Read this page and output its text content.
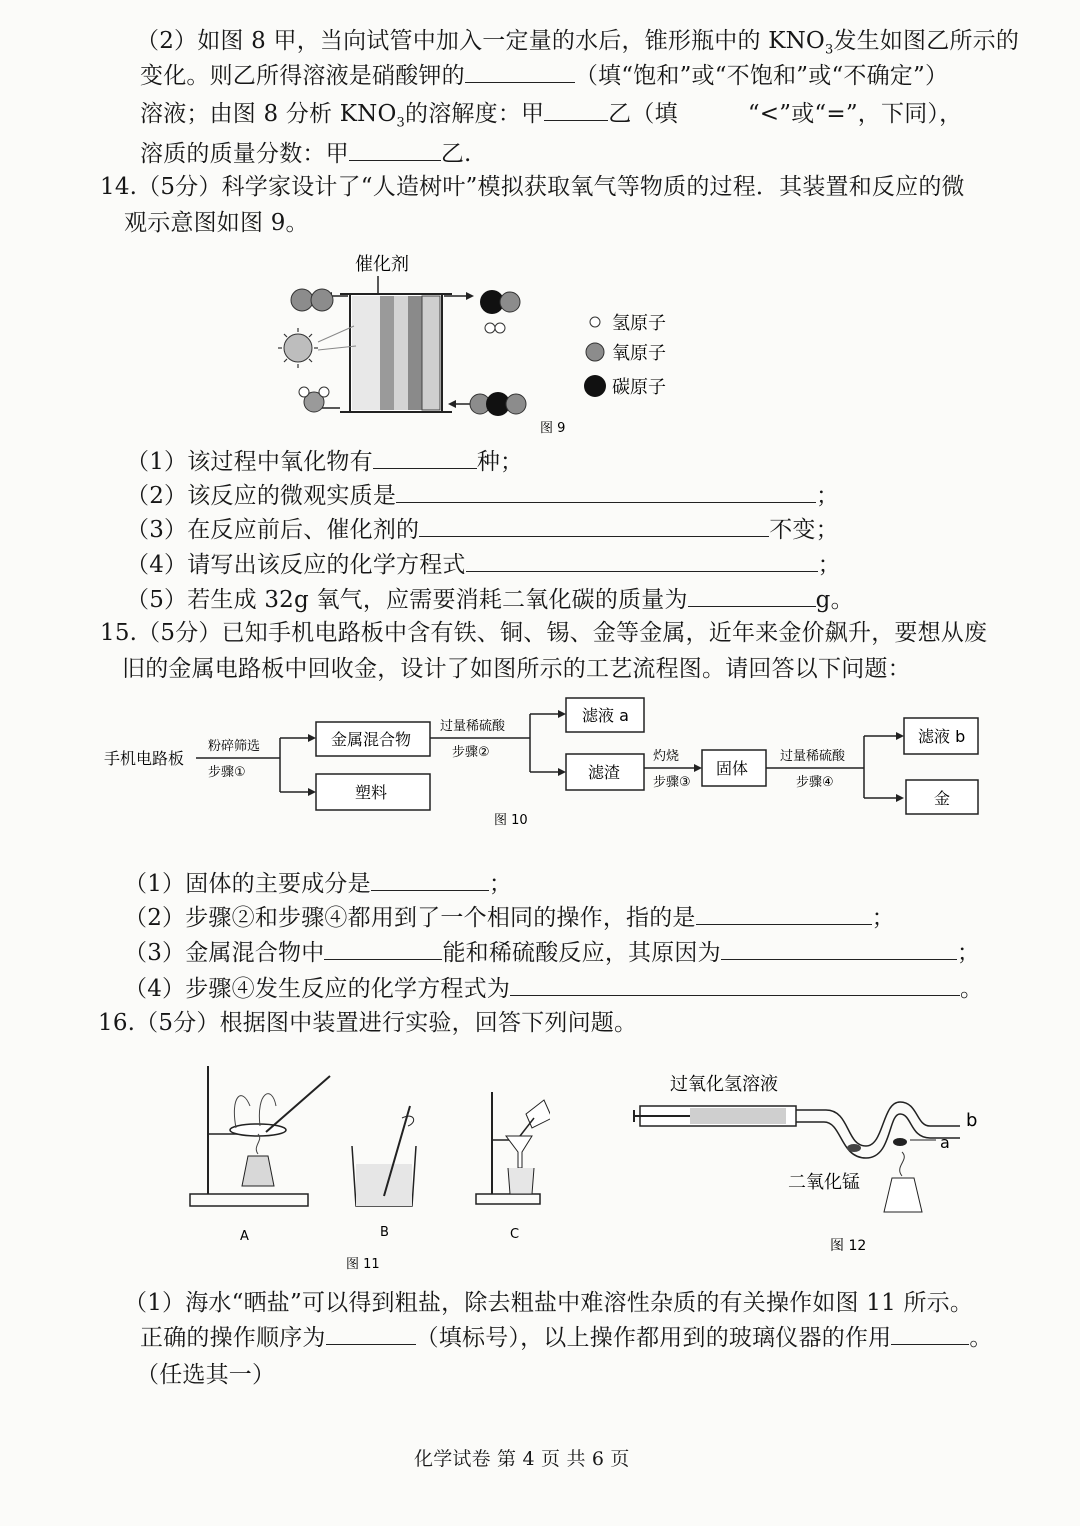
（2）如图 8 甲，当向试管中加入一定量的水后，锥形瓶中的 $KNO_3$发生如图乙所示的
变化。则乙所得溶液是硝酸钾的	（填“饱和”或“不饱和”或“不确定”）
溶液；由图 8 分析 $KNO_3$的溶解度：甲	乙（填	“<”或“=”，下同），
溶质的质量分数：甲	乙.
14.（5分）科学家设计了“人造树叶”模拟获取氧气等物质的过程．其装置和反应的微
观示意图如图 9。
催化剂
氢原子
氧原子
碳原子
图 9
（1）该过程中氧化物有	种；
（2）该反应的微观实质是	；
（3）在反应前后、催化剂的	不变；
（4）请写出该反应的化学方程式	；
（5）若生成 32g 氧气，应需要消耗二氧化碳的质量为	g。
15.（5分）已知手机电路板中含有铁、铜、锡、金等金属，近年来金价飙升，要想从废
旧的金属电路板中回收金，设计了如图所示的工艺流程图。请回答以下问题：
手机电路板
粉碎筛选
步骤①
金属混合物
塑料
过量稀硫酸
步骤②
滤液 a
滤渣
灼烧
步骤③
固体
过量稀硫酸
步骤④
滤液 b
金
图 10
（1）固体的主要成分是	；
（2）步骤②和步骤④都用到了一个相同的操作，指的是	；
（3）金属混合物中	能和稀硫酸反应，其原因为	；
（4）步骤④发生反应的化学方程式为	。
16.（5分）根据图中装置进行实验，回答下列问题。
A	B	C
图 11
过氧化氢溶液
b
a
二氧化锰
图 12
（1）海水“晒盐”可以得到粗盐，除去粗盐中难溶性杂质的有关操作如图 11 所示。
正确的操作顺序为	（填标号），以上操作都用到的玻璃仪器的作用	。
（任选其一）
化学试卷 第 4 页 共 6 页
